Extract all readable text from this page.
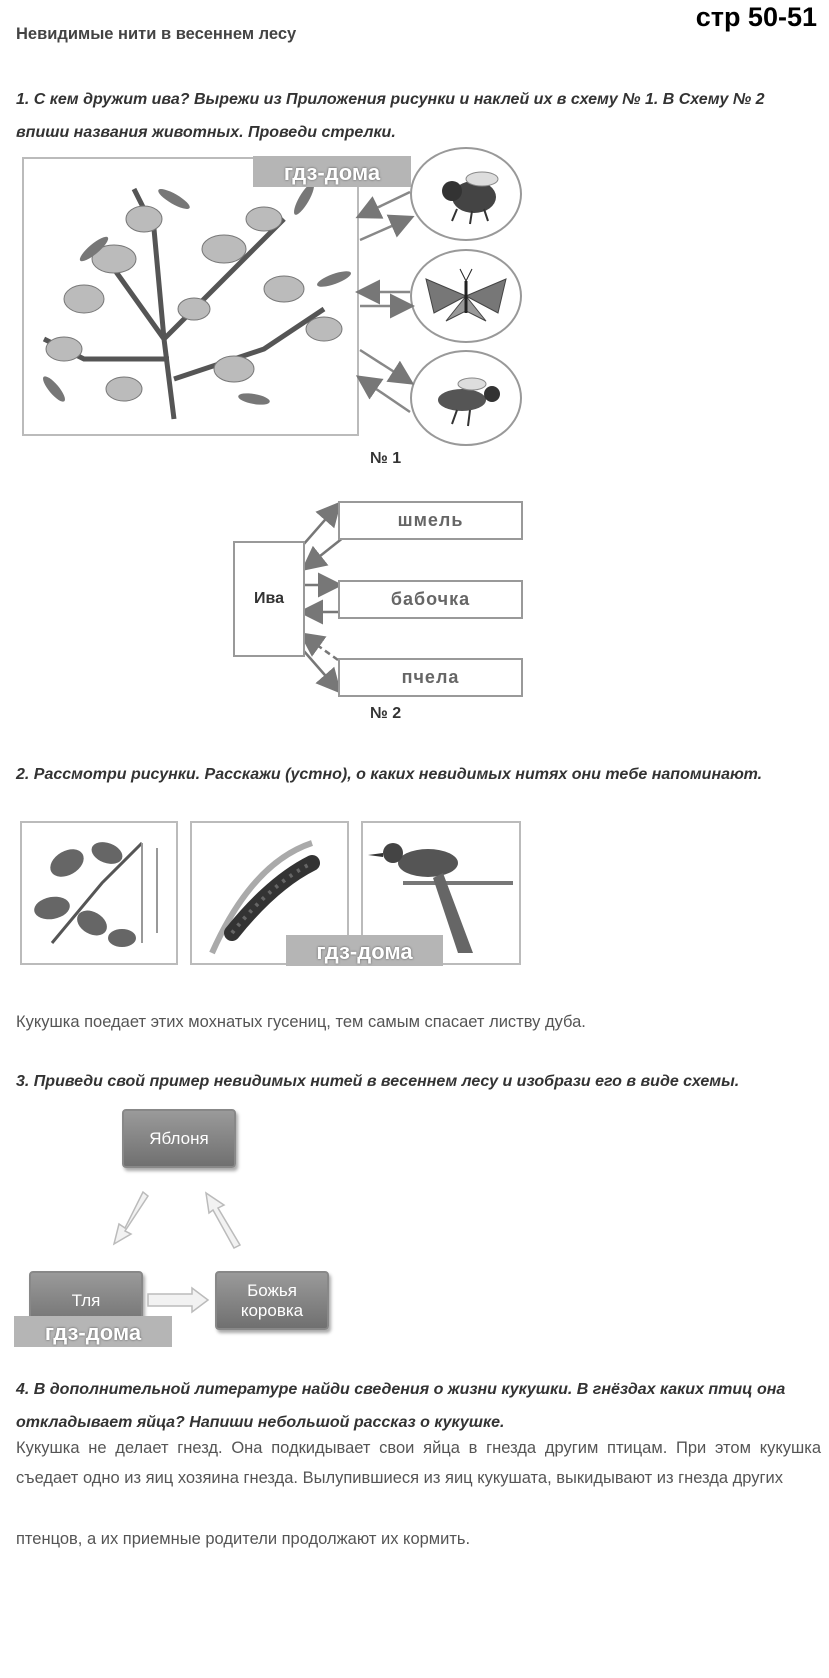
стр 50-51
Невидимые нити в весеннем лесу
1. С кем дружит ива? Вырежи из Приложения рисунки и наклей их в схему № 1. В Схему № 2 впиши названия животных. Проведи стрелки.
гдз-дома
№ 1
Ива
шмель
бабочка
пчела
№ 2
2. Рассмотри рисунки. Расскажи (устно), о каких невидимых нитях они тебе напоминают.
гдз-дома
Кукушка поедает этих мохнатых гусениц, тем самым спасает листву дуба.
3. Приведи свой пример невидимых нитей в весеннем лесу и изобрази его в виде схемы.
Яблоня
Тля
Божья коровка
гдз-дома
4. В дополнительной литературе найди сведения о жизни кукушки. В гнёздах каких птиц она откладывает яйца? Напиши небольшой рассказ о кукушке.
Кукушка не делает гнезд. Она подкидывает свои яйца в гнезда другим птицам. При этом кукушка съедает одно из яиц хозяина гнезда. Вылупившиеся из яиц кукушата, выкидывают из гнезда других
птенцов, а их приемные родители продолжают их кормить.
